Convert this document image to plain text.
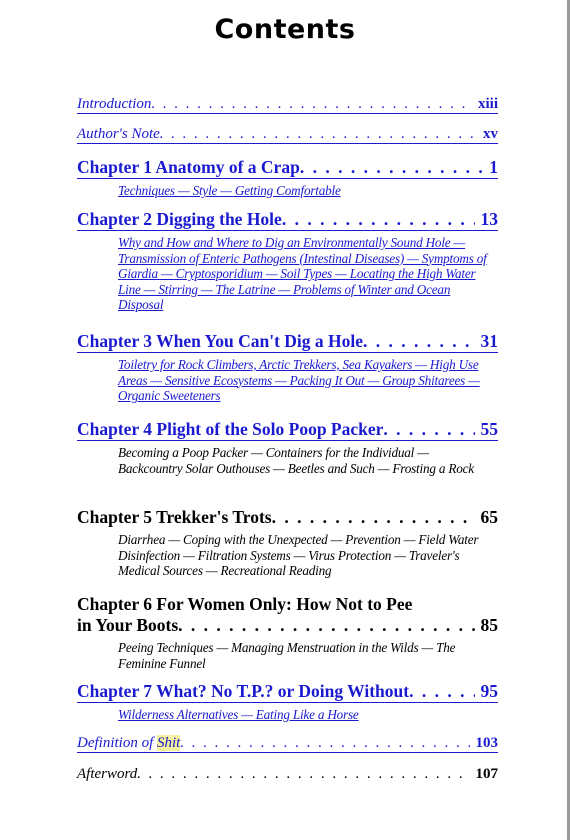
Contents
Introduction . . .	xiii
Author's Note . . .	xv
Chapter 1 Anatomy of a Crap . . .	1
Techniques — Style — Getting Comfortable
Chapter 2 Digging the Hole . . .	13
Why and How and Where to Dig an Environmentally Sound Hole — Transmission of Enteric Pathogens (Intestinal Diseases) — Symptoms of Giardia — Cryptosporidium — Soil Types — Locating the High Water Line — Stirring — The Latrine — Problems of Winter and Ocean Disposal
Chapter 3 When You Can't Dig a Hole . . .	31
Toiletry for Rock Climbers, Arctic Trekkers, Sea Kayakers — High Use Areas — Sensitive Ecosystems — Packing It Out — Group Shitarees — Organic Sweeteners
Chapter 4 Plight of the Solo Poop Packer . . .	55
Becoming a Poop Packer — Containers for the Individual — Backcountry Solar Outhouses — Beetles and Such — Frosting a Rock
Chapter 5 Trekker's Trots . . .	65
Diarrhea — Coping with the Unexpected — Prevention — Field Water Disinfection — Filtration Systems — Virus Protection — Traveler's Medical Sources — Recreational Reading
Chapter 6 For Women Only: How Not to Pee
in Your Boots . . .	85
Peeing Techniques — Managing Menstruation in the Wilds — The Feminine Funnel
Chapter 7 What? No T.P.? or Doing Without . . .	95
Wilderness Alternatives — Eating Like a Horse
Definition of Shit . . .	103
Afterword . . .	107
